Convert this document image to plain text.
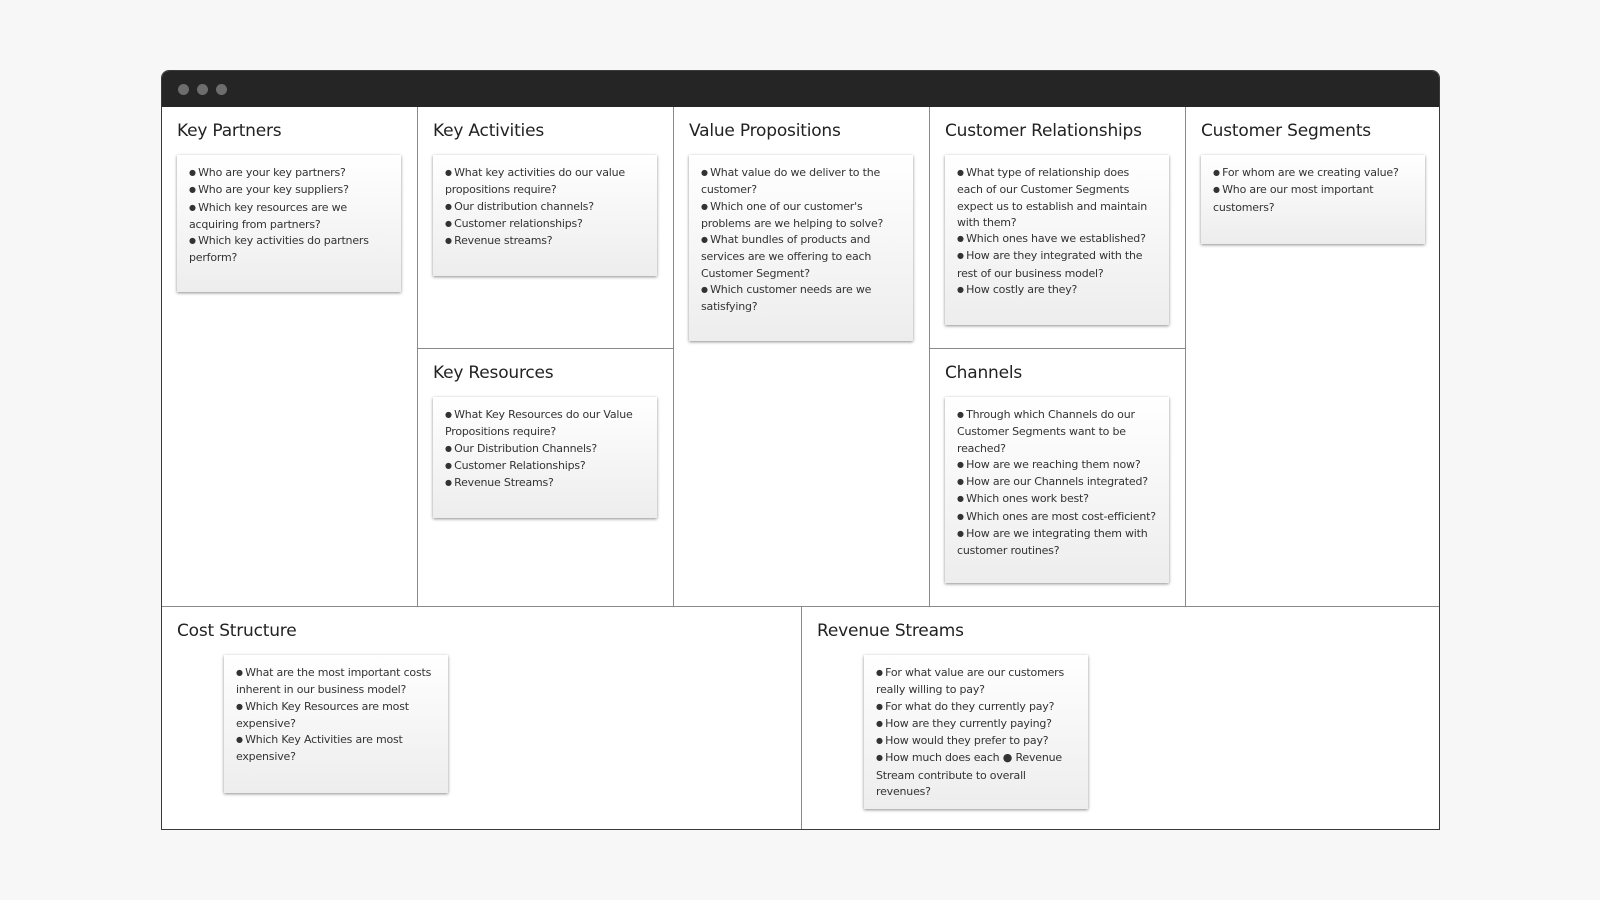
Key Partners
● Who are your key partners?
● Who are your key suppliers?
● Which key resources are we acquiring from partners?
● Which key activities do partners perform?
Key Activities
● What key activities do our value propositions require?
● Our distribution channels?
● Customer relationships?
● Revenue streams?
Key Resources
● What Key Resources do our Value Propositions require?
● Our Distribution Channels?
● Customer Relationships?
● Revenue Streams?
Value Propositions
● What value do we deliver to the customer?
● Which one of our customer's problems are we helping to solve?
● What bundles of products and services are we offering to each Customer Segment?
● Which customer needs are we satisfying?
Customer Relationships
● What type of relationship does each of our Customer Segments expect us to establish and maintain with them?
● Which ones have we established?
● How are they integrated with the rest of our business model?
● How costly are they?
Channels
● Through which Channels do our Customer Segments want to be reached?
● How are we reaching them now?
● How are our Channels integrated?
● Which ones work best?
● Which ones are most cost-efficient?
● How are we integrating them with customer routines?
Customer Segments
● For whom are we creating value?
● Who are our most important customers?
Cost Structure
● What are the most important costs inherent in our business model?
● Which Key Resources are most expensive?
● Which Key Activities are most expensive?
Revenue Streams
● For what value are our customers really willing to pay?
● For what do they currently pay?
● How are they currently paying?
● How would they prefer to pay?
● How much does each ● Revenue Stream contribute to overall revenues?
